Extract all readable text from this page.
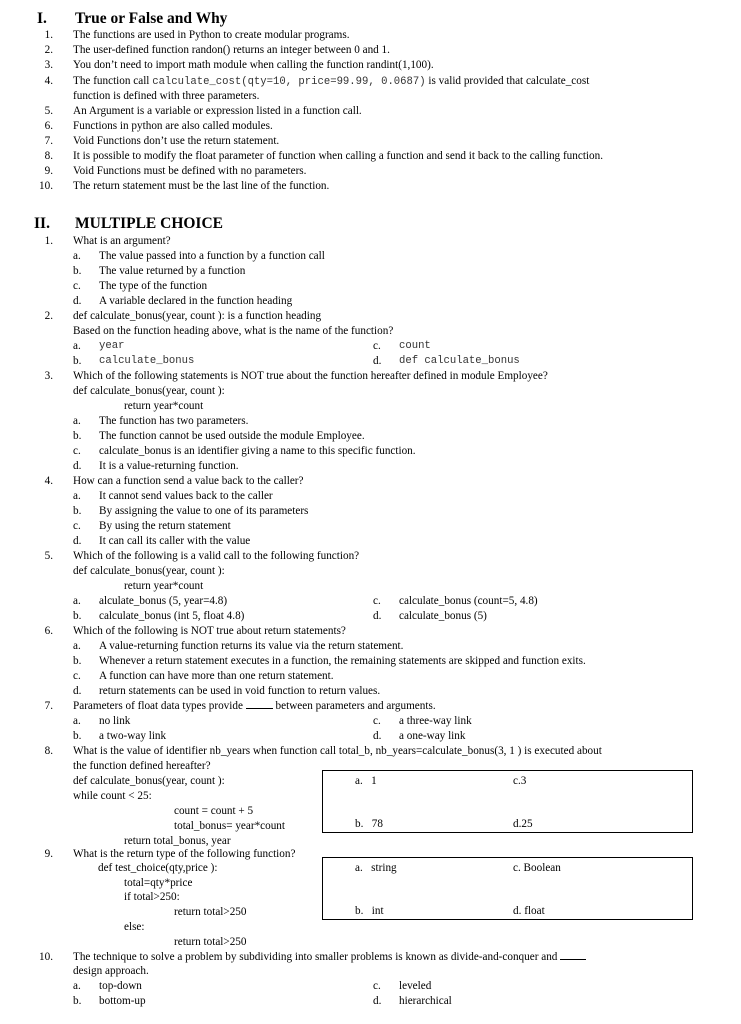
I. True or False and Why
1. The functions are used in Python to create modular programs.
2. The user-defined function randon() returns an integer between 0 and 1.
3. You don’t need to import math module when calling the function randint(1,100).
4. The function call calculate_cost(qty=10, price=99.99, 0.0687) is valid provided that calculate_cost
function is defined with three parameters.
5. An Argument is a variable or expression listed in a function call.
6. Functions in python are also called modules.
7. Void Functions don’t use the return statement.
8. It is possible to modify the float parameter of function when calling a function and send it back to the calling function.
9. Void Functions must be defined with no parameters.
10. The return statement must be the last line of the function.
II. MULTIPLE CHOICE
1. What is an argument?
a. The value passed into a function by a function call
b. The value returned by a function
c. The type of the function
d. A variable declared in the function heading
2. def calculate_bonus(year, count ): is a function heading
Based on the function heading above, what is the name of the function?
a. year	c. count
b. calculate_bonus	d. def calculate_bonus
3. Which of the following statements is NOT true about the function hereafter defined in module Employee?
def calculate_bonus(year, count ):
return year*count
a. The function has two parameters.
b. The function cannot be used outside the module Employee.
c. calculate_bonus is an identifier giving a name to this specific function.
d. It is a value-returning function.
4. How can a function send a value back to the caller?
a. It cannot send values back to the caller
b. By assigning the value to one of its parameters
c. By using the return statement
d. It can call its caller with the value
5. Which of the following is a valid call to the following function?
def calculate_bonus(year, count ):
return year*count
a. alculate_bonus (5, year=4.8)	c. calculate_bonus (count=5, 4.8)
b. calculate_bonus (int 5, float 4.8)	d. calculate_bonus (5)
6. Which of the following is NOT true about return statements?
a. A value-returning function returns its value via the return statement.
b. Whenever a return statement executes in a function, the remaining statements are skipped and function exits.
c. A function can have more than one return statement.
d. return statements can be used in void function to return values.
7. Parameters of float data types provide	between parameters and arguments.
a. no link	c. a three-way link
b. a two-way link	d. a one-way link
8. What is the value of identifier nb_years when function call total_b, nb_years=calculate_bonus(3, 1 ) is executed about
the function defined hereafter?
def calculate_bonus(year, count ):
while count < 25:
count = count + 5
total_bonus= year*count
return total_bonus, year
a. 1	c.3
b. 78	d.25
9. What is the return type of the following function?
def test_choice(qty,price ):
total=qty*price
if total>250:
return total>250
else:
return total>250
a. string	c. Boolean
b. int	d. float
10. The technique to solve a problem by subdividing into smaller problems is known as divide-and-conquer and
design approach.
a. top-down	c. leveled
b. bottom-up	d. hierarchical
